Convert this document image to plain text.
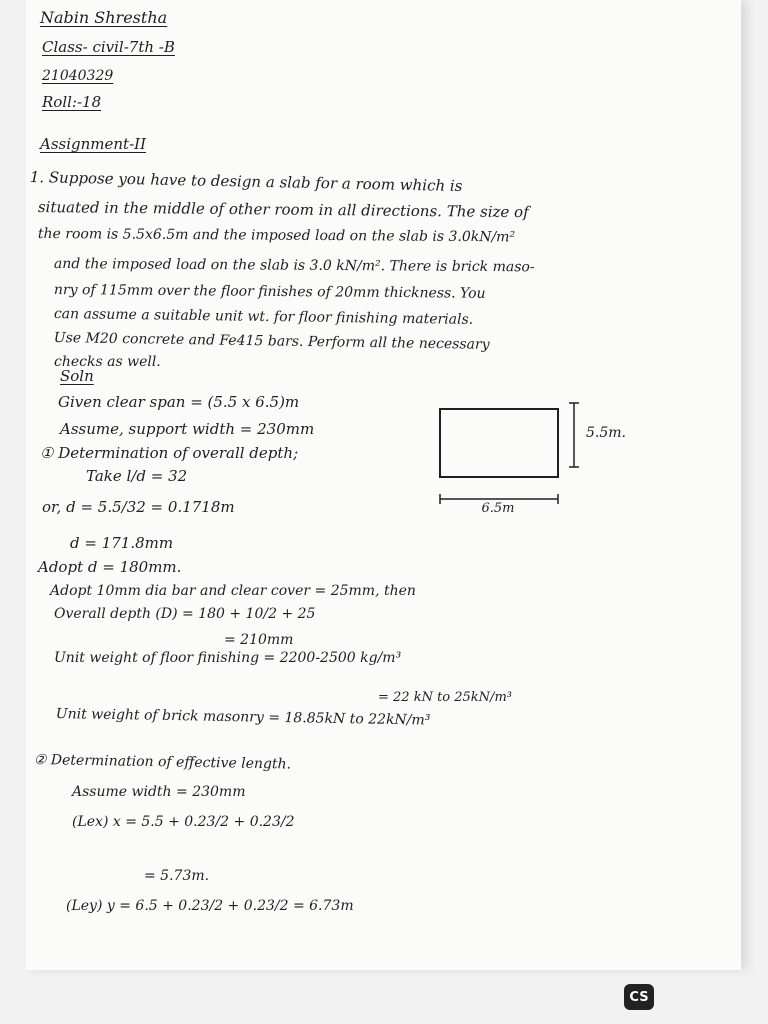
Nabin Shrestha
Class- civil-7th -B
21040329
Roll:-18
Assignment-II
1. Suppose you have to design a slab for a room which is
situated in the middle of other room in all directions. The size of
the room is 5.5x6.5m and the imposed load on the slab is 3.0kN/m²
and the imposed load on the slab is 3.0 kN/m². There is brick maso-
nry of 115mm over the floor finishes of 20mm thickness. You
can assume a suitable unit wt. for floor finishing materials.
Use M20 concrete and Fe415 bars. Perform all the necessary
checks as well.
Soln
Given clear span = (5.5 x 6.5)m
Assume, support width = 230mm
① Determination of overall depth;
Take l/d = 32
or, d = 5.5/32 = 0.1718m
d = 171.8mm
Adopt d = 180mm.
Adopt 10mm dia bar and clear cover = 25mm, then
Overall depth (D) = 180 + 10/2 + 25
= 210mm
Unit weight of floor finishing = 2200-2500 kg/m³
= 22 kN to 25kN/m³
Unit weight of brick masonry = 18.85kN to 22kN/m³
② Determination of effective length.
Assume width = 230mm
(Lex) x = 5.5 + 0.23/2 + 0.23/2
= 5.73m.
(Ley) y = 6.5 + 0.23/2 + 0.23/2 = 6.73m
5.5m.
6.5m
CS
